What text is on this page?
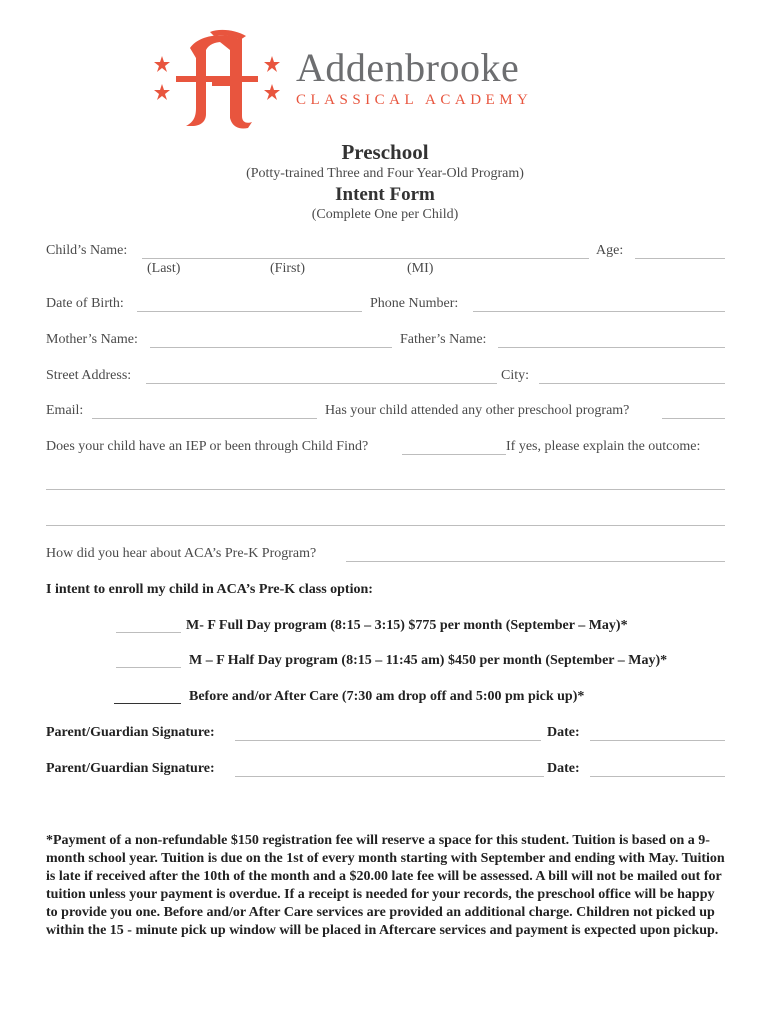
Addenbrooke
CLASSICAL ACADEMY
Preschool
(Potty-trained Three and Four Year-Old Program)
Intent Form
(Complete One per Child)
Child’s Name:	Age:
(Last)	(First)	(MI)
Date of Birth:	Phone Number:
Mother’s Name:	Father’s Name:
Street Address:	City:
Email:	Has your child attended any other preschool program?
Does your child have an IEP or been through Child Find?	If yes, please explain the outcome:
How did you hear about ACA’s Pre-K Program?
I intent to enroll my child in ACA’s Pre-K class option:
M- F Full Day program (8:15 – 3:15) $775 per month (September – May)*
M – F Half Day program (8:15 – 11:45 am) $450 per month (September – May)*
Before and/or After Care (7:30 am drop off and 5:00 pm pick up)*
Parent/Guardian Signature:	Date:
Parent/Guardian Signature:	Date:
*Payment of a non-refundable $150 registration fee will reserve a space for this student. Tuition is based on a 9-month school year. Tuition is due on the 1st of every month starting with September and ending with May. Tuition is late if received after the 10th of the month and a $20.00 late fee will be assessed. A bill will not be mailed out for tuition unless your payment is overdue. If a receipt is needed for your records, the preschool office will be happy to provide you one. Before and/or After Care services are provided an additional charge. Children not picked up within the 15 - minute pick up window will be placed in Aftercare services and payment is expected upon pickup.
